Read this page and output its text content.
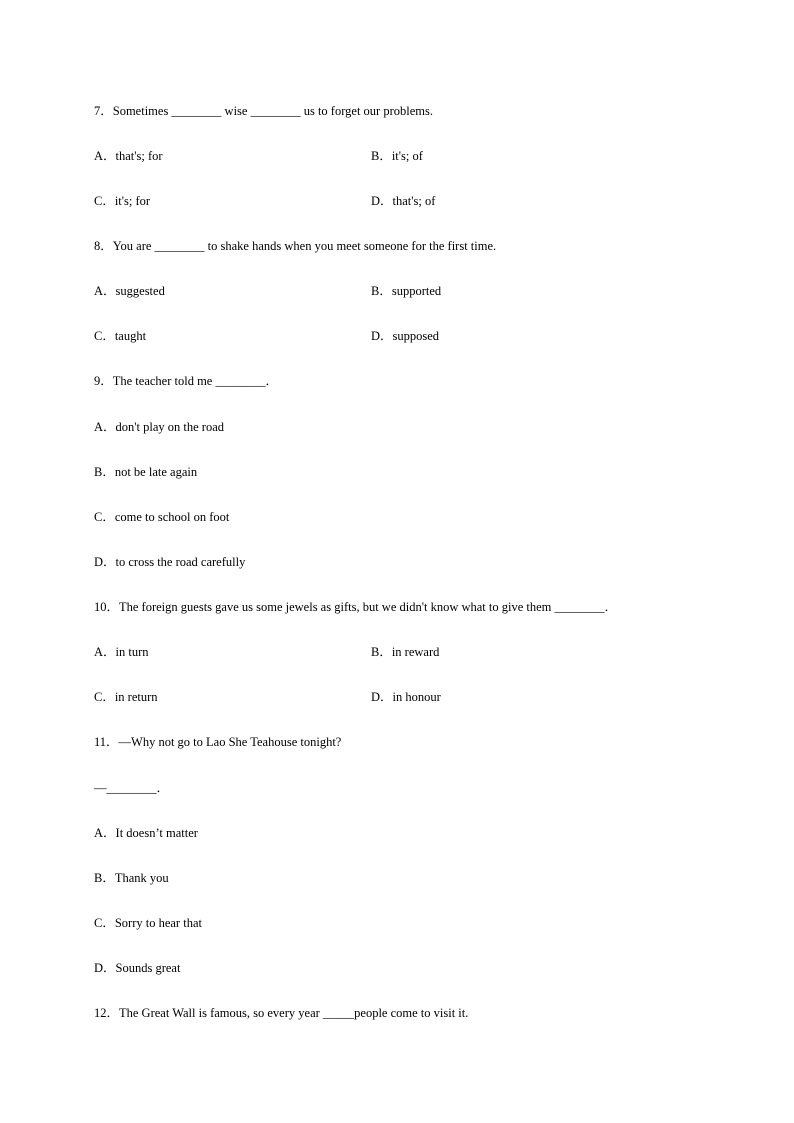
7．Sometimes ________ wise ________ us to forget our problems.
A．that's; for	B．it's; of
C．it's; for	D．that's; of
8．You are ________ to shake hands when you meet someone for the first time.
A．suggested	B．supported
C．taught	D．supposed
9．The teacher told me ________．
A．don't play on the road
B．not be late again
C．come to school on foot
D．to cross the road carefully
10．The foreign guests gave us some jewels as gifts, but we didn't know what to give them ________．
A．in turn	B．in reward
C．in return	D．in honour
11．—Why not go to Lao She Teahouse tonight?
—________．
A．It doesn’t matter
B．Thank you
C．Sorry to hear that
D．Sounds great
12．The Great Wall is famous, so every year _____people come to visit it.
